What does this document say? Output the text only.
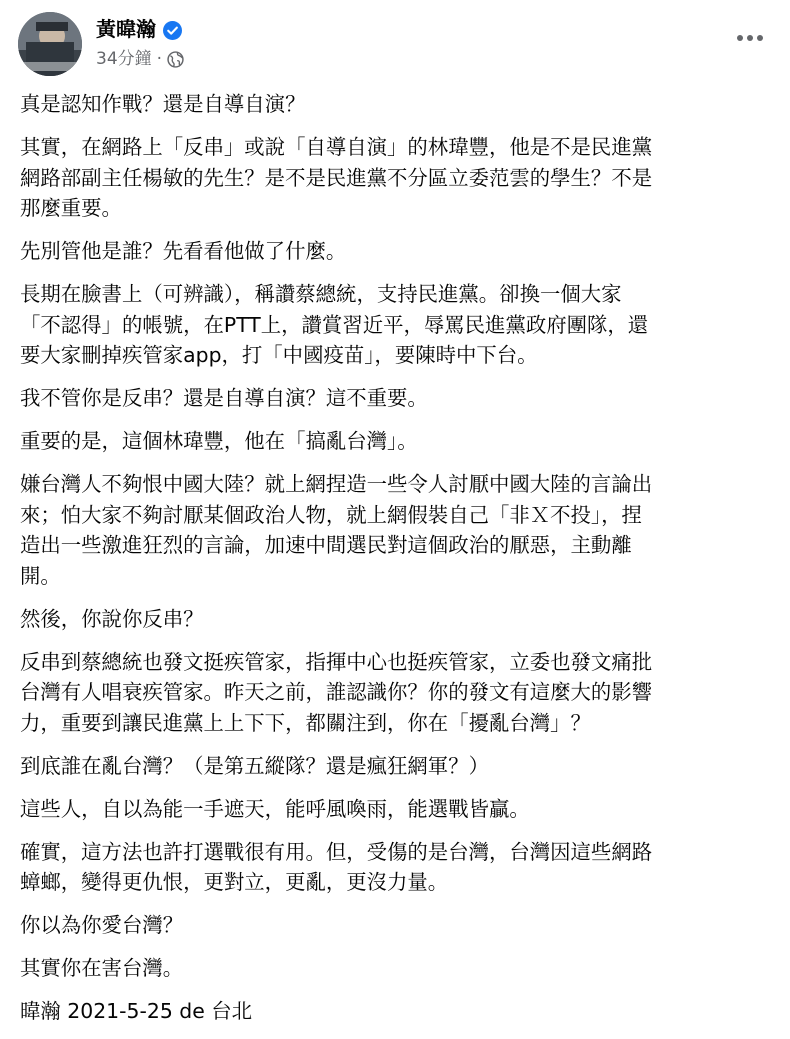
黃暐瀚
34分鐘 ·

真是認知作戰？還是自導自演？

其實，在網路上「反串」或說「自導自演」的林瑋豐，他是不是民進黨
網路部副主任楊敏的先生？是不是民進黨不分區立委范雲的學生？不是
那麼重要。

先別管他是誰？先看看他做了什麼。

長期在臉書上（可辨識），稱讚蔡總統，支持民進黨。卻換一個大家
「不認得」的帳號，在PTT上，讚賞習近平，辱罵民進黨政府團隊，還
要大家刪掉疾管家app，打「中國疫苗」，要陳時中下台。

我不管你是反串？還是自導自演？這不重要。

重要的是，這個林瑋豐，他在「搞亂台灣」。

嫌台灣人不夠恨中國大陸？就上網捏造一些令人討厭中國大陸的言論出
來；怕大家不夠討厭某個政治人物，就上網假裝自己「非Ｘ不投」，捏
造出一些激進狂烈的言論，加速中間選民對這個政治的厭惡，主動離
開。

然後，你說你反串？

反串到蔡總統也發文挺疾管家，指揮中心也挺疾管家，立委也發文痛批
台灣有人唱衰疾管家。昨天之前，誰認識你？你的發文有這麼大的影響
力，重要到讓民進黨上上下下，都關注到，你在「擾亂台灣」？

到底誰在亂台灣？（是第五縱隊？還是瘋狂網軍？）

這些人，自以為能一手遮天，能呼風喚雨，能選戰皆贏。

確實，這方法也許打選戰很有用。但，受傷的是台灣，台灣因這些網路
蟑螂，變得更仇恨，更對立，更亂，更沒力量。

你以為你愛台灣？

其實你在害台灣。

暐瀚 2021-5-25 de 台北
